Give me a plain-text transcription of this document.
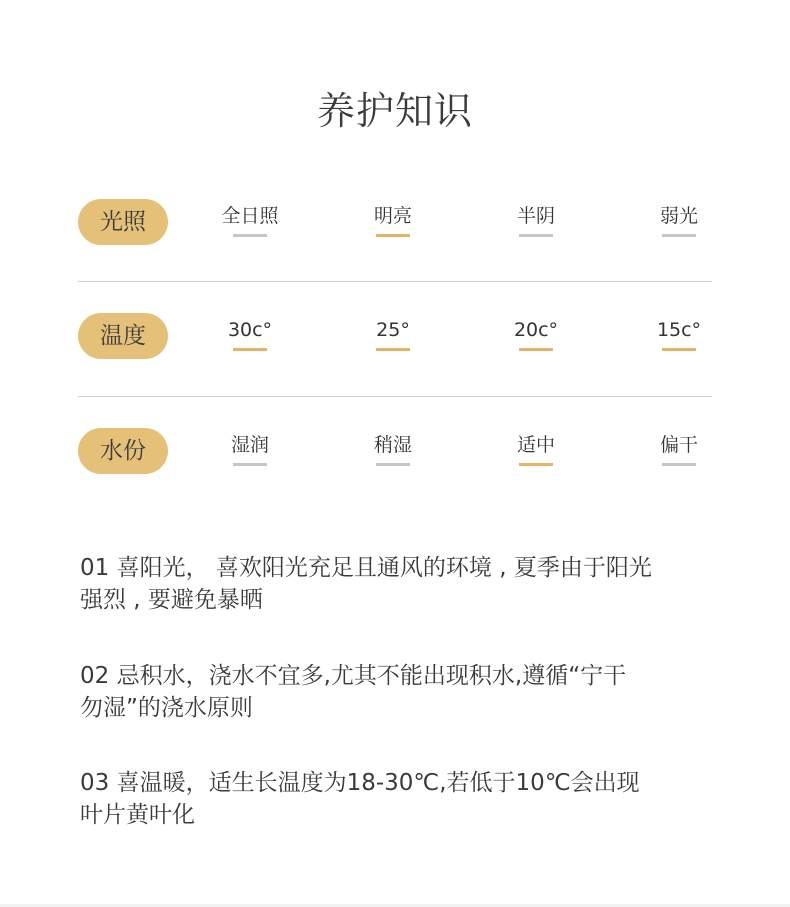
养护知识
光照	全日照	明亮	半阴	弱光
温度	30c°	25°	20c°	15c°
水份	湿润	稍湿	适中	偏干
01 喜阳光， 喜欢阳光充足且通风的环境 , 夏季由于阳光
强烈 , 要避免暴晒
02 忌积水，浇水不宜多,尤其不能出现积水,遵循“宁干
勿湿”的浇水原则
03 喜温暖，适生长温度为18-30℃,若低于10℃会出现
叶片黄叶化
